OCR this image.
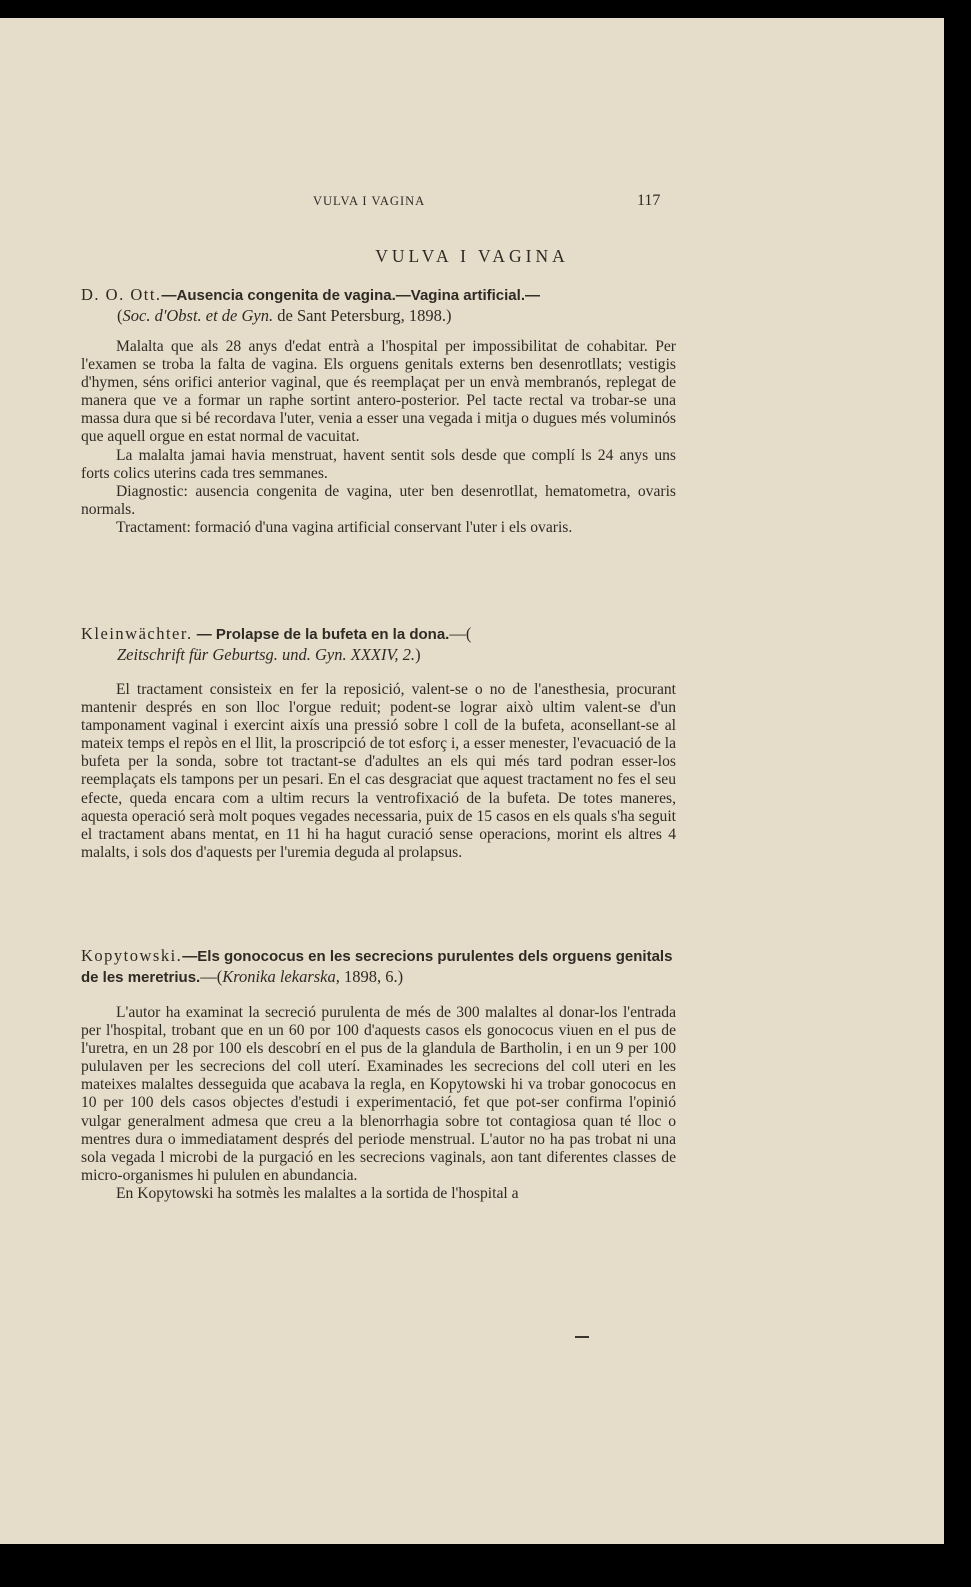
VULVA I VAGINA	117
VULVA I VAGINA
D. O. Ott.—Ausencia congenita de vagina.—Vagina artificial.—
(Soc. d'Obst. et de Gyn. de Sant Petersburg, 1898.)

Malalta que als 28 anys d'edat entrà a l'hospital per impossibilitat de cohabitar. Per l'examen se troba la falta de vagina. Els orguens genitals externs ben desenrotllats; vestigis d'hymen, séns orifici anterior vaginal, que és reemplaçat per un envà membranós, replegat de manera que ve a formar un raphe sortint antero-posterior. Pel tacte rectal va trobar-se una massa dura que si bé recordava l'uter, venia a esser una vegada i mitja o dugues més voluminós que aquell orgue en estat normal de vacuitat.

La malalta jamai havia menstruat, havent sentit sols desde que complí ls 24 anys uns forts colics uterins cada tres semmanes.

Diagnostic: ausencia congenita de vagina, uter ben desenrotllat, hematometra, ovaris normals.

Tractament: formació d'una vagina artificial conservant l'uter i els ovaris.

Kleinwächter. — Prolapse de la bufeta en la dona.—(
Zeitschrift für Geburtsg. und. Gyn. XXXIV, 2.)

El tractament consisteix en fer la reposició, valent-se o no de l'anesthesia, procurant mantenir després en son lloc l'orgue reduit; podent-se lograr això ultim valent-se d'un tamponament vaginal i exercint aixís una pressió sobre l coll de la bufeta, aconsellant-se al mateix temps el repòs en el llit, la proscripció de tot esforç i, a esser menester, l'evacuació de la bufeta per la sonda, sobre tot tractant-se d'adultes an els qui més tard podran esser-los reemplaçats els tampons per un pesari. En el cas desgraciat que aquest tractament no fes el seu efecte, queda encara com a ultim recurs la ventrofixació de la bufeta. De totes maneres, aquesta operació serà molt poques vegades necessaria, puix de 15 casos en els quals s'ha seguit el tractament abans mentat, en 11 hi ha hagut curació sense operacions, morint els altres 4 malalts, i sols dos d'aquests per l'uremia deguda al prolapsus.

Kopytowski.—Els gonococus en les secrecions purulentes dels orguens genitals de les meretrius.—(Kronika lekarska, 1898, 6.)

L'autor ha examinat la secreció purulenta de més de 300 malaltes al donar-los l'entrada per l'hospital, trobant que en un 60 por 100 d'aquests casos els gonococus viuen en el pus de l'uretra, en un 28 por 100 els descobrí en el pus de la glandula de Bartholin, i en un 9 per 100 pululaven per les secrecions del coll uterí. Examinades les secrecions del coll uteri en les mateixes malaltes desseguida que acabava la regla, en Kopytowski hi va trobar gonococus en 10 per 100 dels casos objectes d'estudi i experimentació, fet que pot-ser confirma l'opinió vulgar generalment admesa que creu a la blenorrhagia sobre tot contagiosa quan té lloc o mentres dura o immediatament després del periode menstrual. L'autor no ha pas trobat ni una sola vegada l microbi de la purgació en les secrecions vaginals, aon tant diferentes classes de micro-organismes hi pululen en abundancia.

En Kopytowski ha sotmès les malaltes a la sortida de l'hospital a
